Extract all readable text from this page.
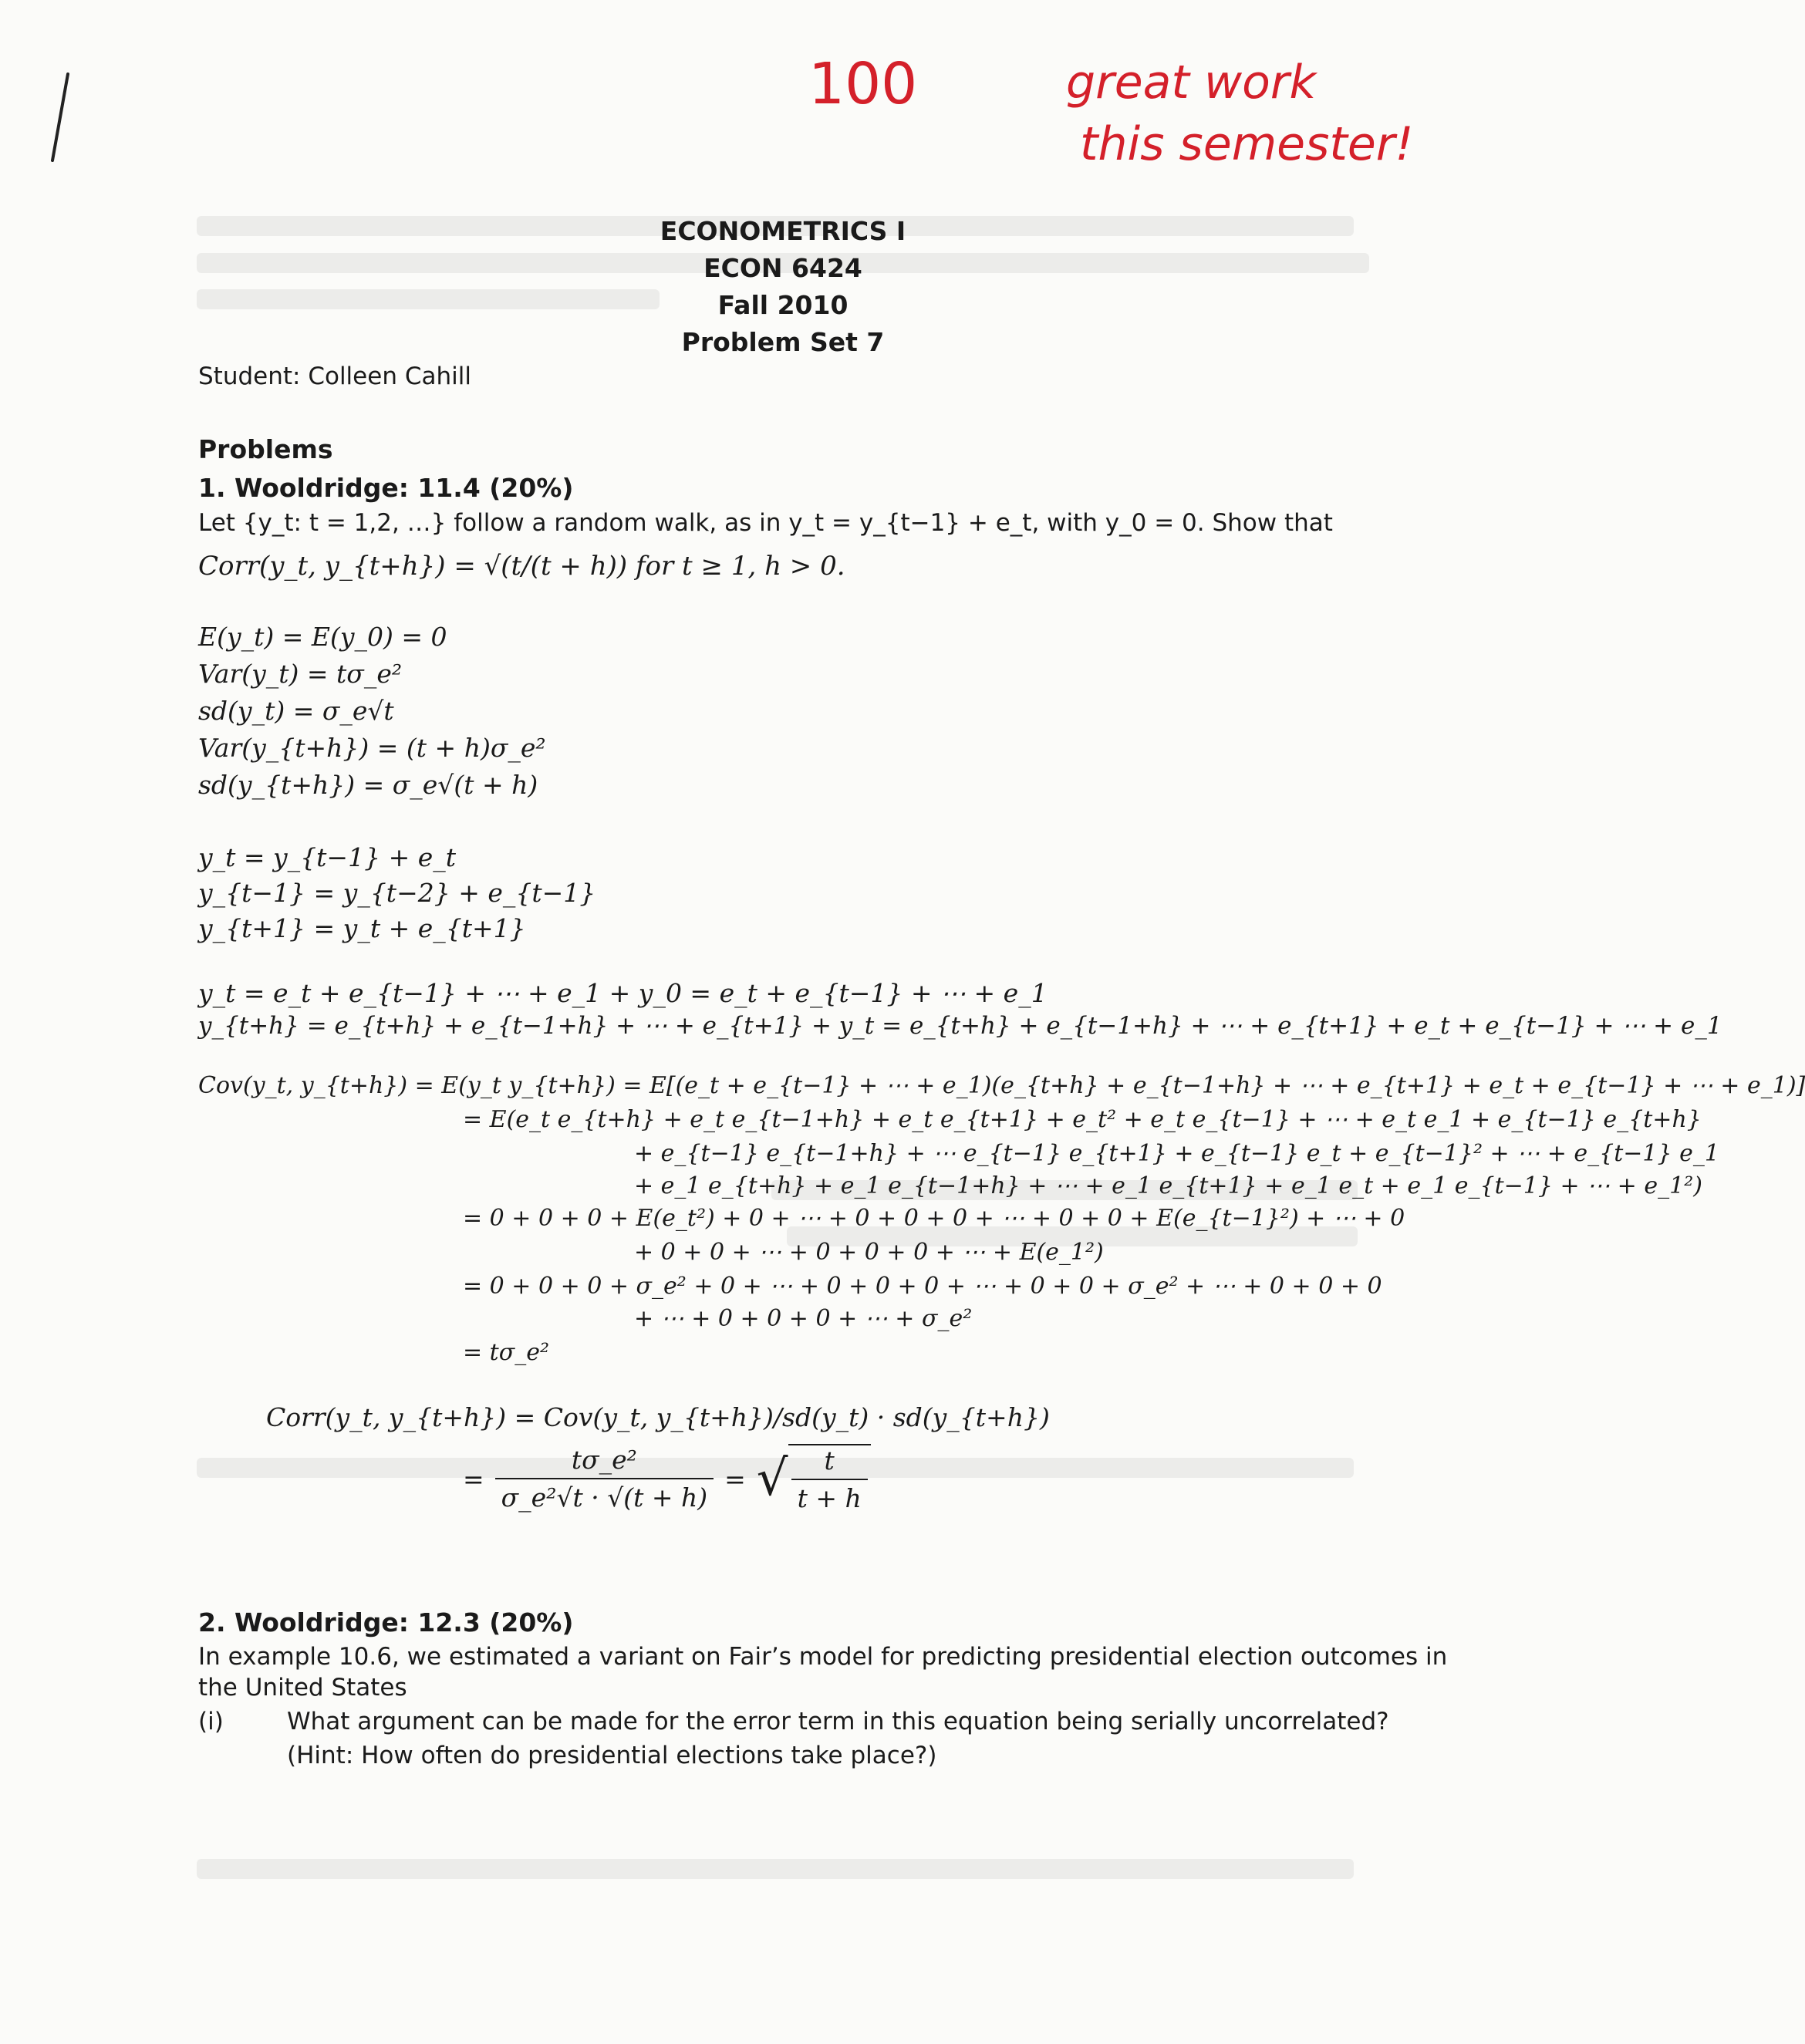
100	great work
this semester!
ECONOMETRICS I
ECON 6424
Fall 2010
Problem Set 7
Student: Colleen Cahill
Problems
1. Wooldridge: 11.4 (20%)
Let {y_t: t = 1,2, …} follow a random walk, as in y_t = y_{t−1} + e_t, with y_0 = 0. Show that
Corr(y_t, y_{t+h}) = √(t/(t + h)) for t ≥ 1, h > 0.
E(y_t) = E(y_0) = 0
Var(y_t) = tσ_e²
sd(y_t) = σ_e√t
Var(y_{t+h}) = (t + h)σ_e²
sd(y_{t+h}) = σ_e√(t + h)
y_t = y_{t−1} + e_t
y_{t−1} = y_{t−2} + e_{t−1}
y_{t+1} = y_t + e_{t+1}
y_t = e_t + e_{t−1} + ⋯ + e_1 + y_0 = e_t + e_{t−1} + ⋯ + e_1
y_{t+h} = e_{t+h} + e_{t−1+h} + ⋯ + e_{t+1} + y_t = e_{t+h} + e_{t−1+h} + ⋯ + e_{t+1} + e_t + e_{t−1} + ⋯ + e_1
Cov(y_t, y_{t+h}) = E(y_t y_{t+h}) = E[(e_t + e_{t−1} + ⋯ + e_1)(e_{t+h} + e_{t−1+h} + ⋯ + e_{t+1} + e_t + e_{t−1} + ⋯ + e_1)]
= E(e_t e_{t+h} + e_t e_{t−1+h} + e_t e_{t+1} + e_t² + e_t e_{t−1} + ⋯ + e_t e_1 + e_{t−1} e_{t+h}
+ e_{t−1} e_{t−1+h} + ⋯ e_{t−1} e_{t+1} + e_{t−1} e_t + e_{t−1}² + ⋯ + e_{t−1} e_1
+ e_1 e_{t+h} + e_1 e_{t−1+h} + ⋯ + e_1 e_{t+1} + e_1 e_t + e_1 e_{t−1} + ⋯ + e_1²)
= 0 + 0 + 0 + E(e_t²) + 0 + ⋯ + 0 + 0 + 0 + ⋯ + 0 + 0 + E(e_{t−1}²) + ⋯ + 0
+ 0 + 0 + ⋯ + 0 + 0 + 0 + ⋯ + E(e_1²)
= 0 + 0 + 0 + σ_e² + 0 + ⋯ + 0 + 0 + 0 + ⋯ + 0 + 0 + σ_e² + ⋯ + 0 + 0 + 0
+ ⋯ + 0 + 0 + 0 + ⋯ + σ_e²
= tσ_e²
Corr(y_t, y_{t+h}) = Cov(y_t, y_{t+h})/sd(y_t) · sd(y_{t+h})
= $\frac{\text{tσ\_e²}}{\text{σ\_e²√t · √(t + h)}}$ = √ $\frac{t}{t + h}$
2. Wooldridge: 12.3 (20%)
In example 10.6, we estimated a variant on Fair’s model for predicting presidential election outcomes in
the United States
(i)	What argument can be made for the error term in this equation being serially uncorrelated?
(Hint: How often do presidential elections take place?)
